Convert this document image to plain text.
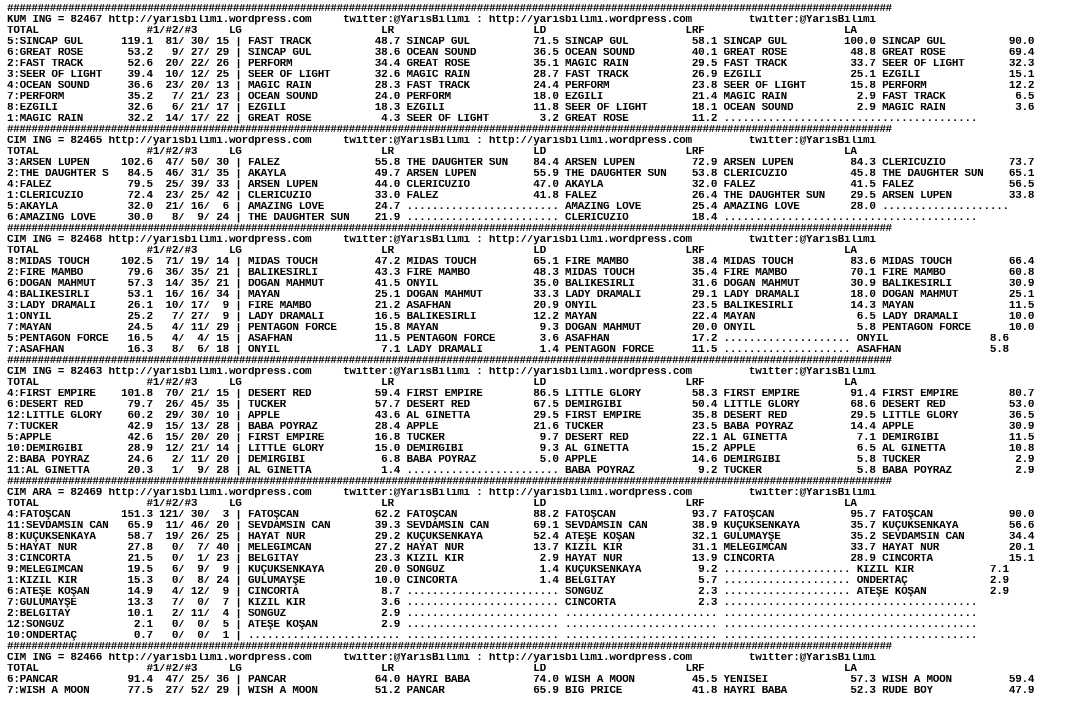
#################################################################################################################################################
KUM ING = 82467 http://yarisbilimi.wordpress.com     twitter:@YarisBilimi : http://yarisbilimi.wordpress.com         twitter:@YarisBilimi
TOTAL                 #1/#2/#3     LG                      LR                      LD                      LRF                      LA
5:SİNCAP GÜL      119.1  81/ 30/ 15 | FAST TRACK          48.7 SİNCAP GÜL          71.5 SİNCAP GÜL          58.1 SİNCAP GÜL         100.0 SİNCAP GÜL          90.0
6:GREAT ROSE       53.2   9/ 27/ 29 | SİNCAP GÜL          38.6 OCEAN SOUND         36.5 OCEAN SOUND         40.1 GREAT ROSE          48.8 GREAT ROSE          69.4
2:FAST TRACK       52.6  20/ 22/ 26 | PERFORM             34.4 GREAT ROSE          35.1 MAGIC RAIN          29.5 FAST TRACK          33.7 SEER OF LIGHT       32.3
3:SEER OF LIGHT    39.4  10/ 12/ 25 | SEER OF LIGHT       32.6 MAGIC RAIN          28.7 FAST TRACK          26.9 EZGİLİ              25.1 EZGİLİ              15.1
4:OCEAN SOUND      36.6  23/ 20/ 13 | MAGIC RAIN          28.3 FAST TRACK          24.4 PERFORM             23.8 SEER OF LIGHT       15.8 PERFORM             12.2
7:PERFORM          35.2   7/ 21/ 23 | OCEAN SOUND         24.0 PERFORM             18.0 EZGİLİ              21.4 MAGIC RAIN           2.9 FAST TRACK           6.5
8:EZGİLİ           32.6   6/ 21/ 17 | EZGİLİ              18.3 EZGİLİ              11.8 SEER OF LIGHT       18.1 OCEAN SOUND          2.9 MAGIC RAIN           3.6
1:MAGIC RAIN       32.2  14/ 17/ 22 | GREAT ROSE           4.3 SEER OF LIGHT        3.2 GREAT ROSE          11.2 ........................................
#################################################################################################################################################
CIM ING = 82465 http://yarisbilimi.wordpress.com     twitter:@YarisBilimi : http://yarisbilimi.wordpress.com         twitter:@YarisBilimi
TOTAL                 #1/#2/#3     LG                      LR                      LD                      LRF                      LA
3:ARSEN LUPEN     102.6  47/ 50/ 30 | FALEZ               55.8 THE DAUGHTER SUN    84.4 ARSEN LUPEN         72.9 ARSEN LUPEN         84.3 CLERICUZIO          73.7
2:THE DAUGHTER S   84.5  46/ 31/ 35 | AKAYLA              49.7 ARSEN LUPEN         55.9 THE DAUGHTER SUN    53.8 CLERICUZIO          45.8 THE DAUGHTER SUN    65.1
4:FALEZ            79.5  25/ 39/ 33 | ARSEN LUPEN         44.0 CLERICUZIO          47.0 AKAYLA              32.0 FALEZ               41.5 FALEZ               56.5
1:CLERICUZIO       72.4  23/ 25/ 42 | CLERICUZIO          33.0 FALEZ               41.8 FALEZ               26.4 THE DAUGHTER SUN    29.5 ARSEN LUPEN         33.8
5:AKAYLA           32.0  21/ 16/  6 | AMAZING LOVE        24.7 ........................ AMAZING LOVE        25.4 AMAZING LOVE        28.0 ....................
6:AMAZING LOVE     30.0   8/  9/ 24 | THE DAUGHTER SUN    21.9 ........................ CLERICUZIO          18.4 ........................................
#################################################################################################################################################
CIM ING = 82468 http://yarisbilimi.wordpress.com     twitter:@YarisBilimi : http://yarisbilimi.wordpress.com         twitter:@YarisBilimi
TOTAL                 #1/#2/#3     LG                      LR                      LD                      LRF                      LA
8:MIDAS TOUCH     102.5  71/ 19/ 14 | MIDAS TOUCH         47.2 MIDAS TOUCH         65.1 FIRE MAMBO          38.4 MIDAS TOUCH         83.6 MIDAS TOUCH         66.4
2:FIRE MAMBO       79.6  36/ 35/ 21 | BALIKESİRLİ         43.3 FIRE MAMBO          48.3 MIDAS TOUCH         35.4 FIRE MAMBO          70.1 FIRE MAMBO          60.8
6:DOĞAN MAHMUT     57.3  14/ 35/ 21 | DOĞAN MAHMUT        41.5 ONYIL               35.0 BALIKESİRLİ         31.6 DOĞAN MAHMUT        30.9 BALIKESİRLİ         30.9
4:BALIKESİRLİ      53.1  16/ 16/ 34 | MAYAN               25.1 DOĞAN MAHMUT        33.3 LADY DRAMALI        29.1 LADY DRAMALI        18.0 DOĞAN MAHMUT        25.1
3:LADY DRAMALI     26.1  10/ 17/  9 | FIRE MAMBO          21.2 ASAFHAN             20.9 ONYIL               23.5 BALIKESİRLİ         14.3 MAYAN               11.5
1:ONYIL            25.2   7/ 27/  9 | LADY DRAMALI        16.5 BALIKESİRLİ         12.2 MAYAN               22.4 MAYAN                6.5 LADY DRAMALI        10.0
7:MAYAN            24.5   4/ 11/ 29 | PENTAGON FORCE      15.8 MAYAN                9.3 DOĞAN MAHMUT        20.0 ONYIL                5.8 PENTAGON FORCE      10.0
5:PENTAGON FORCE   16.5   4/  4/ 15 | ASAFHAN             11.5 PENTAGON FORCE       3.6 ASAFHAN             17.2 .................... ONYIL                8.6
7:ASAFHAN          16.3   8/  6/ 18 | ONYIL                7.1 LADY DRAMALI         1.4 PENTAGON FORCE      11.5 .................... ASAFHAN              5.8
#################################################################################################################################################
CIM ING = 82463 http://yarisbilimi.wordpress.com     twitter:@YarisBilimi : http://yarisbilimi.wordpress.com         twitter:@YarisBilimi
TOTAL                 #1/#2/#3     LG                      LR                      LD                      LRF                      LA
4:FIRST EMPIRE    101.8  70/ 21/ 15 | DESERT RED          59.4 FIRST EMPIRE        86.5 LITTLE GLORY        58.3 FIRST EMPIRE        91.4 FIRST EMPIRE        80.7
6:DESERT RED       79.7  26/ 45/ 35 | TUCKER              57.7 DESERT RED          67.5 DEMİRGİBİ           50.4 LITTLE GLORY        68.6 DESERT RED          53.0
12:LITTLE GLORY    60.2  29/ 30/ 10 | APPLE               43.6 AL GINETTA          29.5 FIRST EMPIRE        35.8 DESERT RED          29.5 LITTLE GLORY        36.5
7:TUCKER           42.9  15/ 13/ 28 | BABA POYRAZ         28.4 APPLE               21.6 TUCKER              23.5 BABA POYRAZ         14.4 APPLE               30.9
5:APPLE            42.6  15/ 20/ 20 | FIRST EMPIRE        16.8 TUCKER               9.7 DESERT RED          22.1 AL GINETTA           7.1 DEMİRGİBİ           11.5
10:DEMİRGİBİ       28.9  12/ 21/ 14 | LITTLE GLORY        15.0 DEMİRGİBİ            9.3 AL GINETTA          15.2 APPLE                6.5 AL GINETTA          10.8
2:BABA POYRAZ      24.6   2/ 11/ 20 | DEMİRGİBİ            6.8 BABA POYRAZ          5.0 APPLE               14.6 DEMİRGİBİ            5.8 TUCKER               2.9
11:AL GINETTA      20.3   1/  9/ 28 | AL GINETTA           1.4 ........................ BABA POYRAZ          9.2 TUCKER               5.8 BABA POYRAZ          2.9
#################################################################################################################################################
CIM ARA = 82469 http://yarisbilimi.wordpress.com     twitter:@YarisBilimi : http://yarisbilimi.wordpress.com         twitter:@YarisBilimi
TOTAL                 #1/#2/#3     LG                      LR                      LD                      LRF                      LA
4:FATOŞCAN        151.3 121/ 30/  3 | FATOŞCAN            62.2 FATOŞCAN            88.2 FATOŞCAN            93.7 FATOŞCAN            95.7 FATOŞCAN            90.0
11:SEVDAMSIN CAN   65.9  11/ 46/ 20 | SEVDAMSIN CAN       39.3 SEVDAMSIN CAN       69.1 SEVDAMSIN CAN       38.9 KÜÇÜKSENKAYA        35.7 KÜÇÜKSENKAYA        56.6
8:KÜÇÜKSENKAYA     58.7  19/ 26/ 25 | HAYAT NUR           29.2 KÜÇÜKSENKAYA        52.4 ATEŞE KOŞAN         32.1 GÜLÜMAYŞE           35.2 SEVDAMSIN CAN       34.4
5:HAYAT NUR        27.8   0/  7/ 40 | MELEĞİMCAN          27.2 HAYAT NUR           13.7 KIZIL KIR           31.1 MELEĞİMCAN          33.7 HAYAT NUR           20.1
3:CİNCORTA         21.5   0/  1/ 23 | BELGİTAY            23.3 KIZIL KIR            2.9 HAYAT NUR           13.9 CİNCORTA            28.9 CİNCORTA            15.1
9:MELEĞİMCAN       19.5   6/  9/  9 | KÜÇÜKSENKAYA        20.0 SONGÜZ               1.4 KÜÇÜKSENKAYA         9.2 .................... KIZIL KIR            7.1
1:KIZIL KIR        15.3   0/  8/ 24 | GÜLÜMAYŞE           10.0 CİNCORTA             1.4 BELGİTAY             5.7 .................... ÖNDERTAÇ             2.9
6:ATEŞE KOŞAN      14.9   4/ 12/  9 | CİNCORTA             8.7 ........................ SONGÜZ               2.3 .................... ATEŞE KOŞAN          2.9
7:GÜLÜMAYŞE        13.3   7/  0/  7 | KIZIL KIR            3.6 ........................ CİNCORTA             2.3 ........................................
2:BELGİTAY         10.1   2/ 11/  4 | SONGÜZ               2.9 ........................ ........................ ........................................
12:SONGÜZ           2.1   0/  0/  5 | ATEŞE KOŞAN          2.9 ........................ ........................ ........................................
10:ÖNDERTAÇ         0.7   0/  0/  1 | ........................ ........................ ........................ ........................................
#################################################################################################################################################
CIM ING = 82466 http://yarisbilimi.wordpress.com     twitter:@YarisBilimi : http://yarisbilimi.wordpress.com         twitter:@YarisBilimi
TOTAL                 #1/#2/#3     LG                      LR                      LD                      LRF                      LA
6:PANCAR           91.4  47/ 25/ 36 | PANCAR              64.0 HAYRİ BABA          74.0 WISH A MOON         45.5 YENİSEİ             57.3 WISH A MOON         59.4
7:WISH A MOON      77.5  27/ 52/ 29 | WISH A MOON         51.2 PANCAR              65.9 BIG PRICE           41.8 HAYRİ BABA          52.3 RUDE BOY            47.9
